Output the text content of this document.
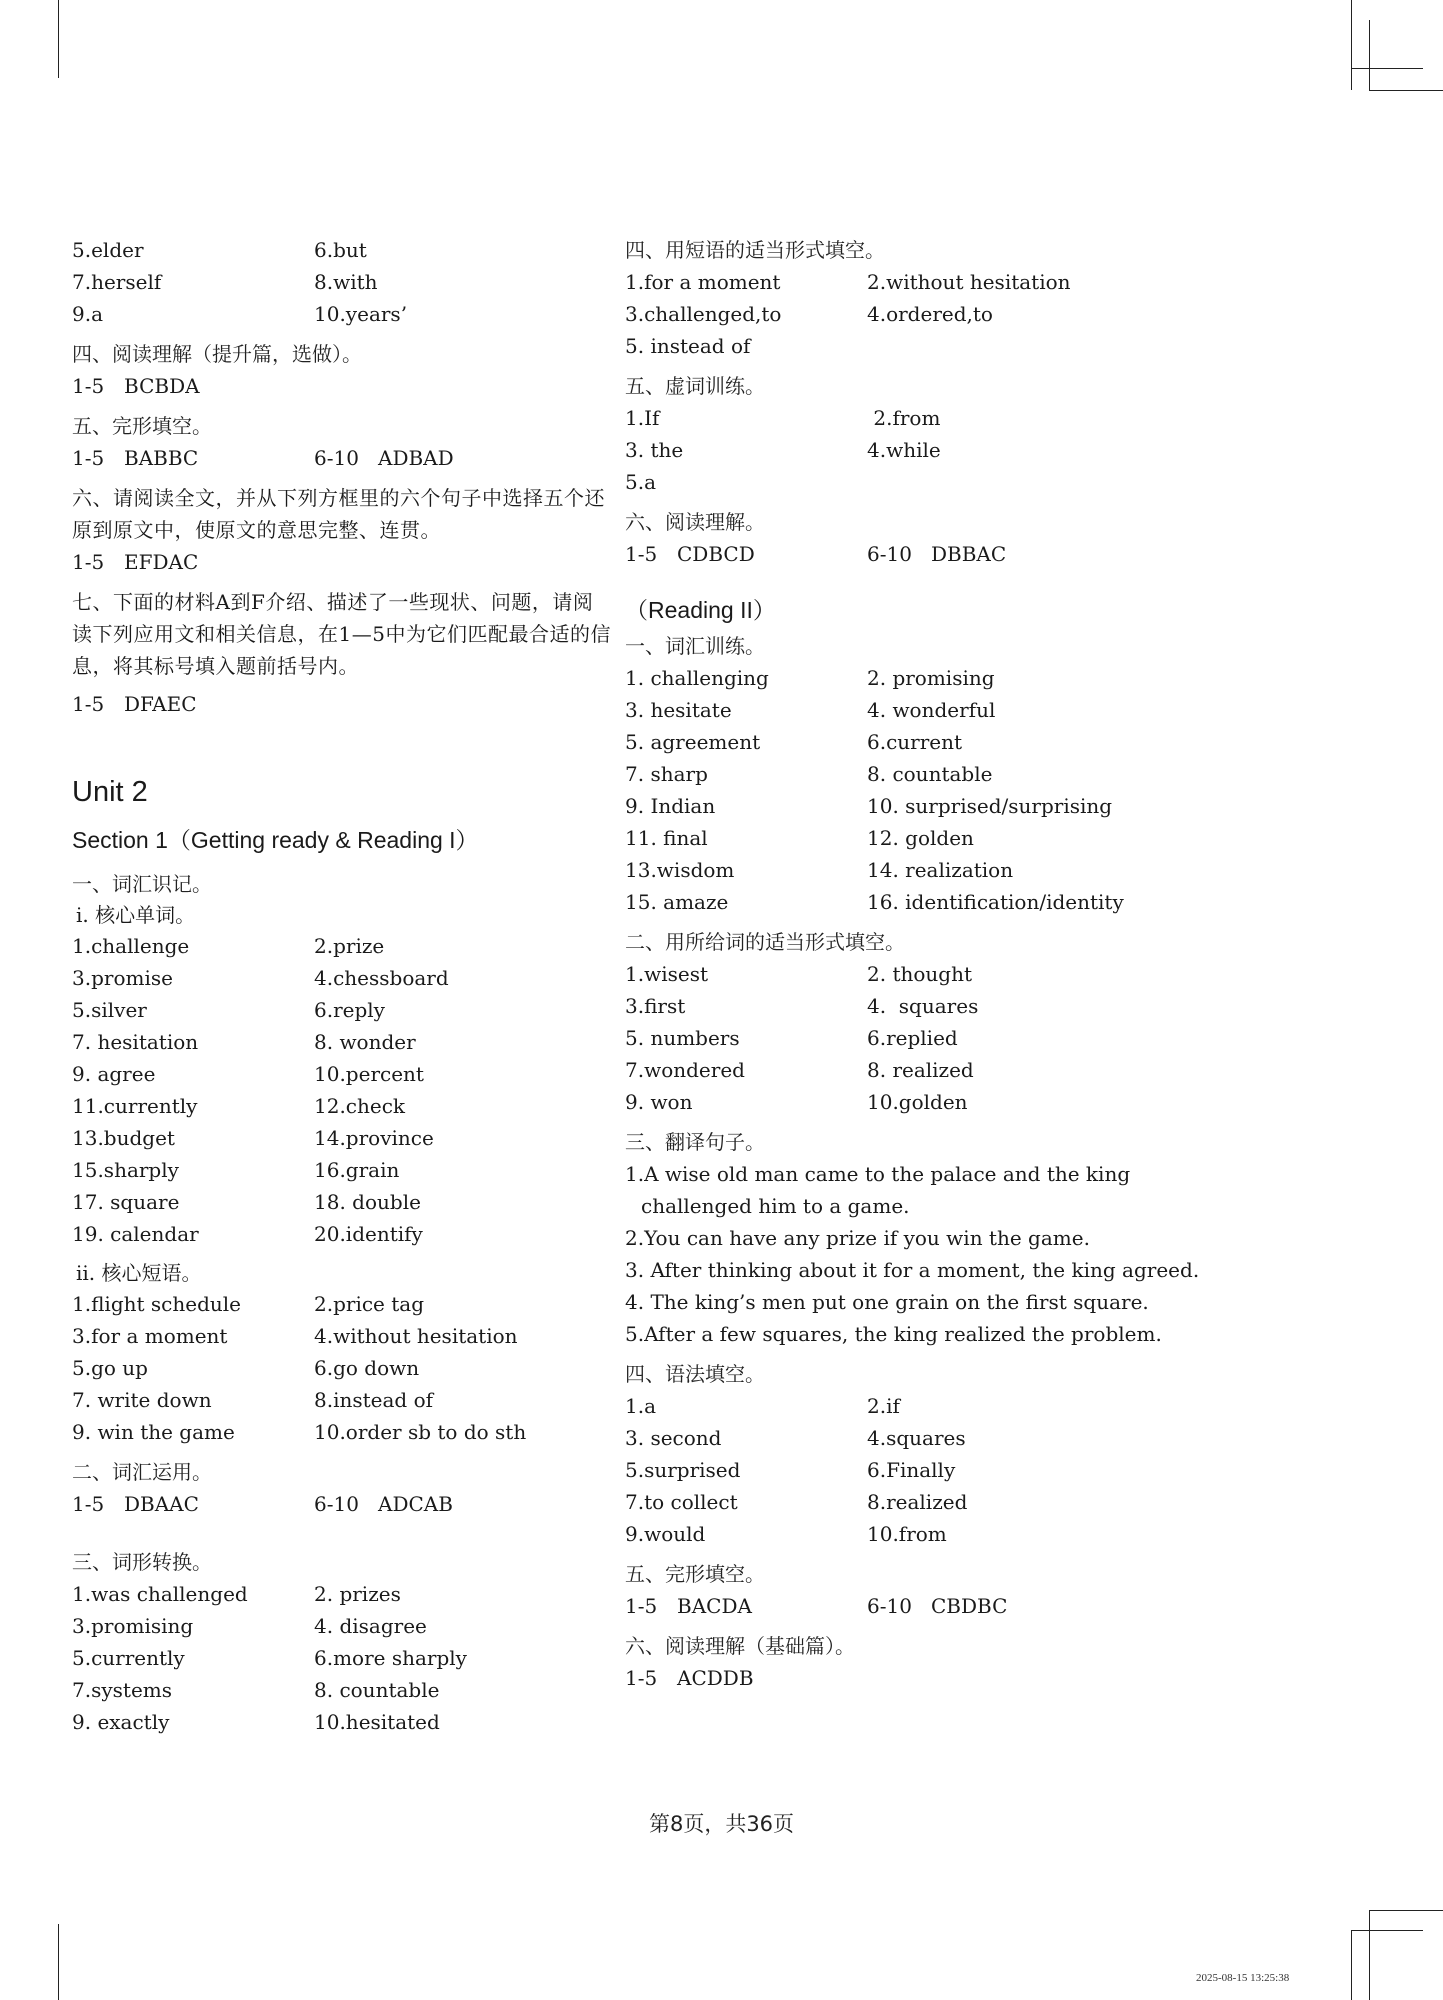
5.elder	6.but
7.herself	8.with
9.a	10.years’
四、阅读理解（提升篇，选做）。
1-5 BCBDA
五、完形填空。
1-5 BABBC	6-10 ADBAD
六、请阅读全文，并从下列方框里的六个句子中选择五个还原到原文中，使原文的意思完整、连贯。
1-5 EFDAC
七、下面的材料A到F介绍、描述了一些现状、问题，请阅读下列应用文和相关信息，在1—5中为它们匹配最合适的信息，将其标号填入题前括号内。
1-5 DFAEC
Unit 2
Section 1（Getting ready & Reading I）
一、词汇识记。
ⅰ. 核心单词。
1.challenge	2.prize
3.promise	4.chessboard
5.silver	6.reply
7. hesitation	8. wonder
9. agree	10.percent
11.currently	12.check
13.budget	14.province
15.sharply	16.grain
17. square	18. double
19. calendar	20.identify
ⅱ. 核心短语。
1.flight schedule	2.price tag
3.for a moment	4.without hesitation
5.go up	6.go down
7. write down	8.instead of
9. win the game	10.order sb to do sth
二、词汇运用。
1-5 DBAAC	6-10 ADCAB
三、词形转换。
1.was challenged	2. prizes
3.promising	4. disagree
5.currently	6.more sharply
7.systems	8. countable
9. exactly	10.hesitated
四、用短语的适当形式填空。
1.for a moment	2.without hesitation
3.challenged,to	4.ordered,to
5. instead of
五、虚词训练。
1.If	2.from
3. the	4.while
5.a
六、阅读理解。
1-5 CDBCD	6-10 DBBAC
（Reading II）
一、词汇训练。
1. challenging	2. promising
3. hesitate	4. wonderful
5. agreement	6.current
7. sharp	8. countable
9. Indian	10. surprised/surprising
11. final	12. golden
13.wisdom	14. realization
15. amaze	16. identification/identity
二、用所给词的适当形式填空。
1.wisest	2. thought
3.first	4.  squares
5. numbers	6.replied
7.wondered	8. realized
9. won	10.golden
三、翻译句子。
1.A wise old man came to the palace and the king
challenged him to a game.
2.You can have any prize if you win the game.
3. After thinking about it for a moment, the king agreed.
4. The king’s men put one grain on the first square.
5.After a few squares, the king realized the problem.
四、语法填空。
1.a	2.if
3. second	4.squares
5.surprised	6.Finally
7.to collect	8.realized
9.would	10.from
五、完形填空。
1-5 BACDA	6-10 CBDBC
六、阅读理解（基础篇）。
1-5 ACDDB
第8页，共36页
2025-08-15 13:25:38
